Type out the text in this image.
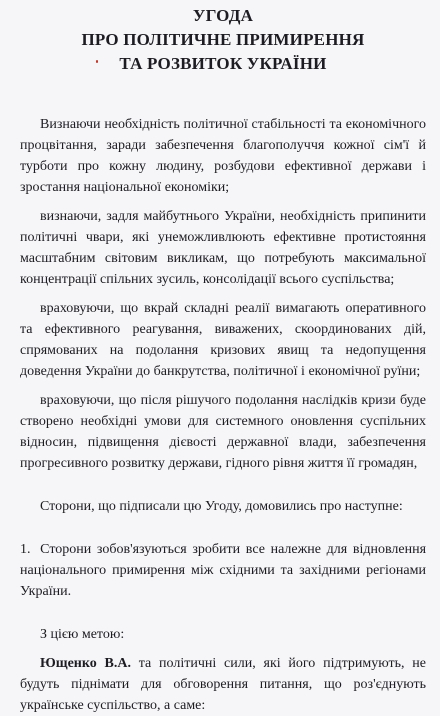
УГОДА
ПРО ПОЛІТИЧНЕ ПРИМИРЕННЯ
ТА РОЗВИТОК УКРАЇНИ

Визнаючи необхідність політичної стабільності та економічного процвітання, заради забезпечення благополуччя кожної сім'ї й турботи про кожну людину, розбудови ефективної держави і зростання національної економіки;

визнаючи, задля майбутнього України, необхідність припинити політичні чвари, які унеможливлюють ефективне протистояння масштабним світовим викликам, що потребують максимальної концентрації спільних зусиль, консолідації всього суспільства;

враховуючи, що вкрай складні реалії вимагають оперативного та ефективного реагування, виважених, скоординованих дій, спрямованих на подолання кризових явищ та недопущення доведення України до банкрутства, політичної і економічної руїни;

враховуючи, що після рішучого подолання наслідків кризи буде створено необхідні умови для системного оновлення суспільних відносин, підвищення дієвості державної влади, забезпечення прогресивного розвитку держави, гідного рівня життя її громадян,

Сторони, що підписали цю Угоду, домовились про наступне:

1. Сторони зобов'язуються зробити все належне для відновлення національного примирення між східними та західними регіонами України.

З цією метою:

Ющенко В.А. та політичні сили, які його підтримують, не будуть піднімати для обговорення питання, що роз'єднують українське суспільство, а саме:
